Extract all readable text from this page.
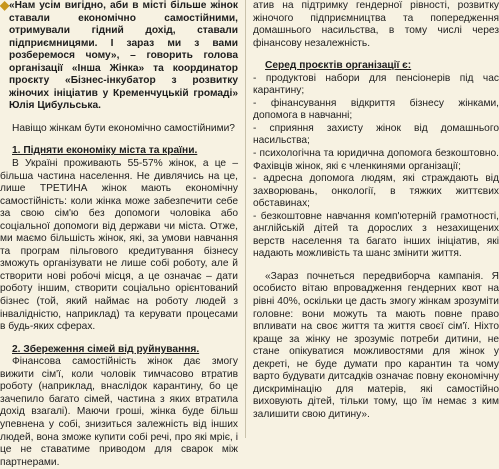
◆ «Нам усім вигідно, аби в місті більше жінок ставали економічно самостійними, отримували гідний дохід, ставали підприємницями. І зараз ми з вами розберемося чому», – говорить голова організації «Інша Жінка» та координатор проєкту «Бізнес-інкубатор з розвитку жіночих ініціатив у Кременчуцькій громаді» Юлія Цибульська.

Навіщо жінкам бути економічно самостійними?

1. Підняти економіку міста та країни.

В Україні проживають 55-57% жінок, а це – більша частина населення. Не дивлячись на це, лише ТРЕТИНА жінок мають економічну самостійність: коли жінка може забезпечити себе за свою сім'ю без допомоги чоловіка або соціальної допомоги від держави чи міста. Отже, ми маємо більшість жінок, які, за умови навчання та програм пільгового кредитування бізнесу зможуть організувати не лише собі роботу, але й створити нові робочі місця, а це означає – дати роботу іншим, створити соціально орієнтований бізнес (той, який наймає на роботу людей з інвалідністю, наприклад) та керувати процесами в будь-яких сферах.

2. Збереження сімей від руйнування.

Фінансова самостійність жінок дає змогу вижити сім'ї, коли чоловік тимчасово втратив роботу (наприклад, внаслідок карантину, бо це зачепило багато сімей, частина з яких втратила дохід взагалі). Маючи гроші, жінка буде більш упевнена у собі, знизиться залежність від інших людей, вона зможе купити собі речі, про які мріє, і це не ставатиме приводом для сварок між партнерами.

атив на підтримку гендерної рівності, розвитку жіночого підприємництва та попередження домашнього насильства, в тому числі через фінансову незалежність.

Серед проєктів організації є:

- продуктові набори для пенсіонерів під час карантину;

- фінансування відкриття бізнесу жінками, допомога в навчанні;

- сприяння захисту жінок від домашнього насильства;

- психологічна та юридична допомога безкоштовно. Фахівців жінок, які є членкинями організації;

- адресна допомога людям, які страждають від захворювань, онкології, в тяжких життєвих обставинах;

- безкоштовне навчання комп'ютерній грамотності, англійській дітей та дорослих з незахищених верств населення та багато інших ініціатив, які надають можливість та шанс змінити життя.

«Зараз почнеться передвиборча кампанія. Я особисто вітаю впровадження гендерних квот на рівні 40%, оскільки це дасть змогу жінкам зрозуміти головне: вони можуть та мають повне право впливати на своє життя та життя своєї сім'ї. Ніхто краще за жінку не зрозуміє потреби дитини, не стане опікуватися можливостями для жінок у декреті, не буде думати про карантин та чому варто будувати дитсадків означає повну економічну дискримінацію для матерів, які самостійно виховують дітей, тільки тому, що їм немає з ким залишити свою дитину».
